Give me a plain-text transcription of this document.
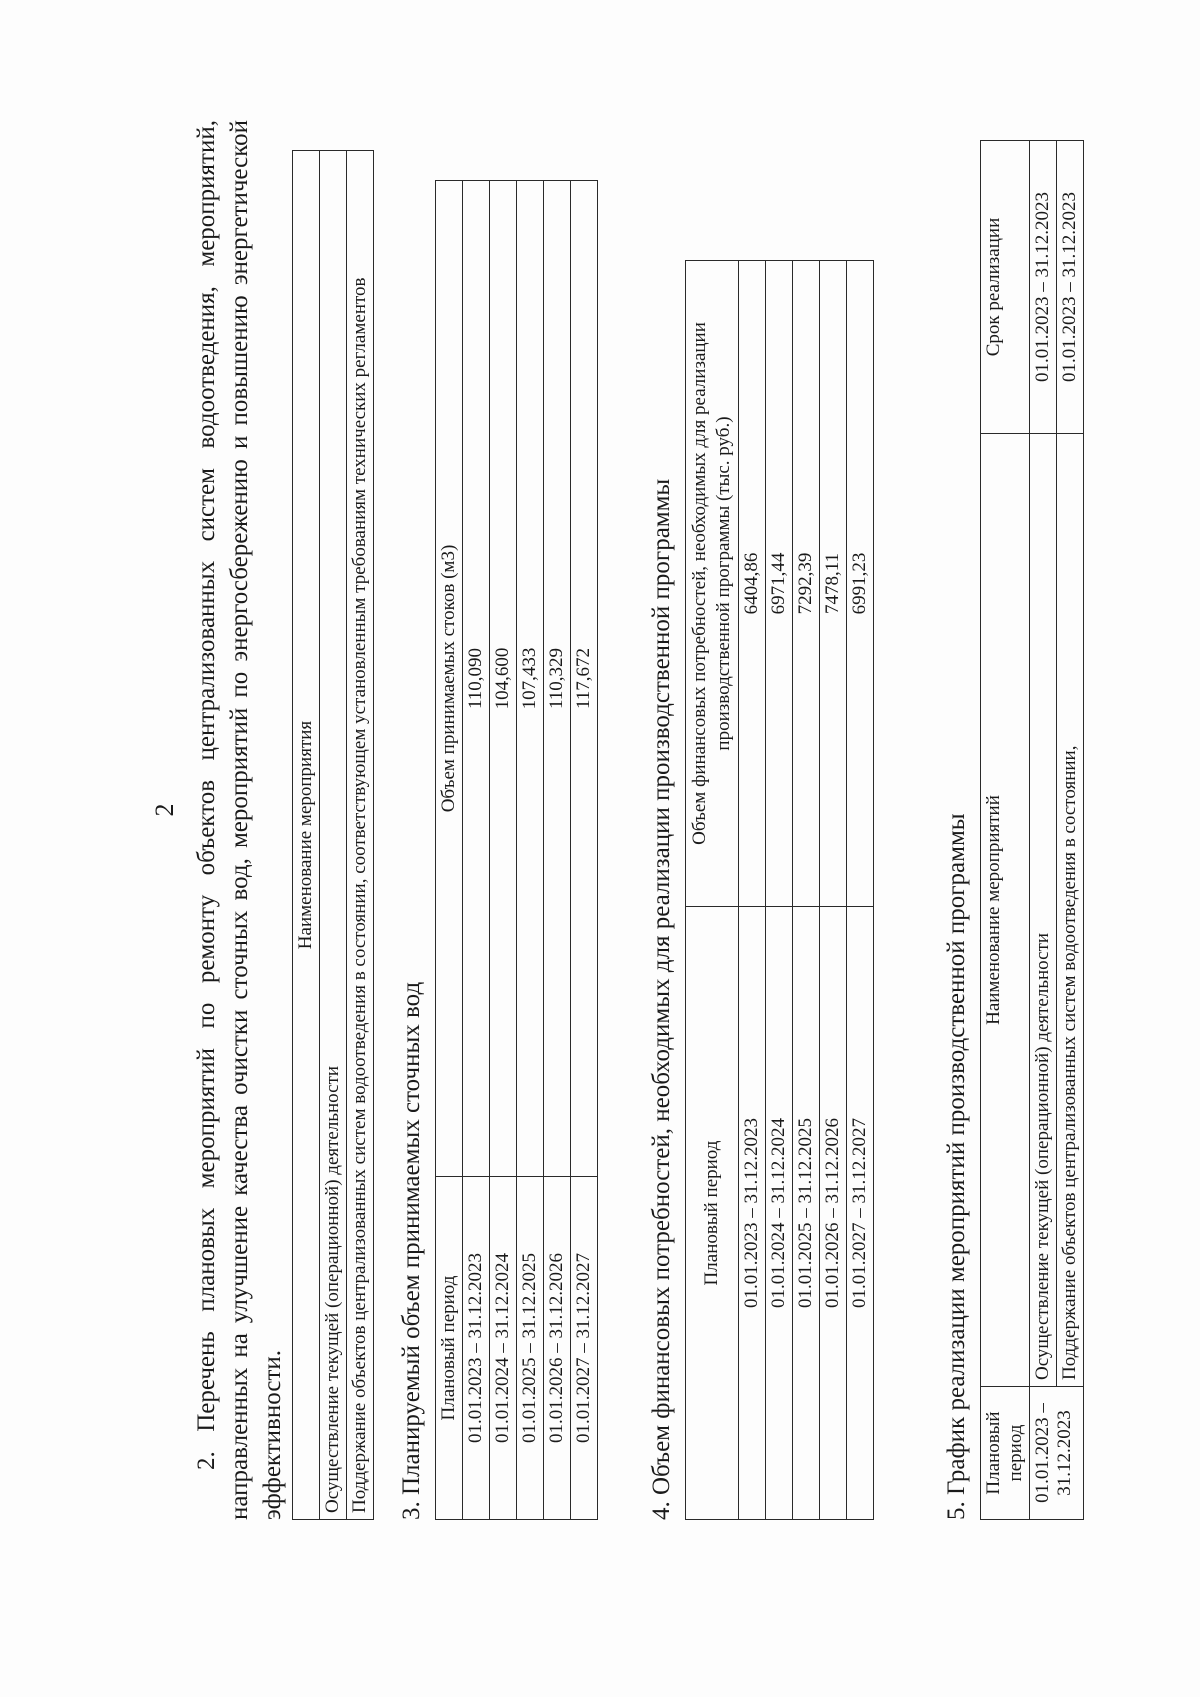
2 2. Перечень плановых мероприятий по ремонту объектов централизованных систем водоотведения, мероприятий, направленных на улучшение качества очистки сточных вод, мероприятий по энергосбережению и повышению энергетической эффективности.
Наименование мероприятия
Осуществление текущей (операционной) деятельности
Поддержание объектов централизованных систем водоотведения в состоянии, соответствующем установленным требованиям технических регламентов 3. Планируемый объем принимаемых сточных вод Плановый период	Объем принимаемых стоков (м3)
01.01.2023 – 31.12.2023	110,090
01.01.2024 – 31.12.2024	104,600
01.01.2025 – 31.12.2025	107,433
01.01.2026 – 31.12.2026	110,329
01.01.2027 – 31.12.2027	117,672 4. Объем финансовых потребностей, необходимых для реализации производственной программы Плановый период	Объем финансовых потребностей, необходимых для реализации производственной программы (тыс. руб.)
01.01.2023 – 31.12.2023	6404,86
01.01.2024 – 31.12.2024	6971,44
01.01.2025 – 31.12.2025	7292,39
01.01.2026 – 31.12.2026	7478,11
01.01.2027 – 31.12.2027	6991,23
5. График реализации мероприятий производственной программы Плановый период	Наименование мероприятий	Срок реализации
01.01.2023 – 31.12.2023	Осуществление текущей (операционной) деятельности	01.01.2023 – 31.12.2023
	Поддержание объектов централизованных систем водоотведения в состоянии,	01.01.2023 – 31.12.2023
